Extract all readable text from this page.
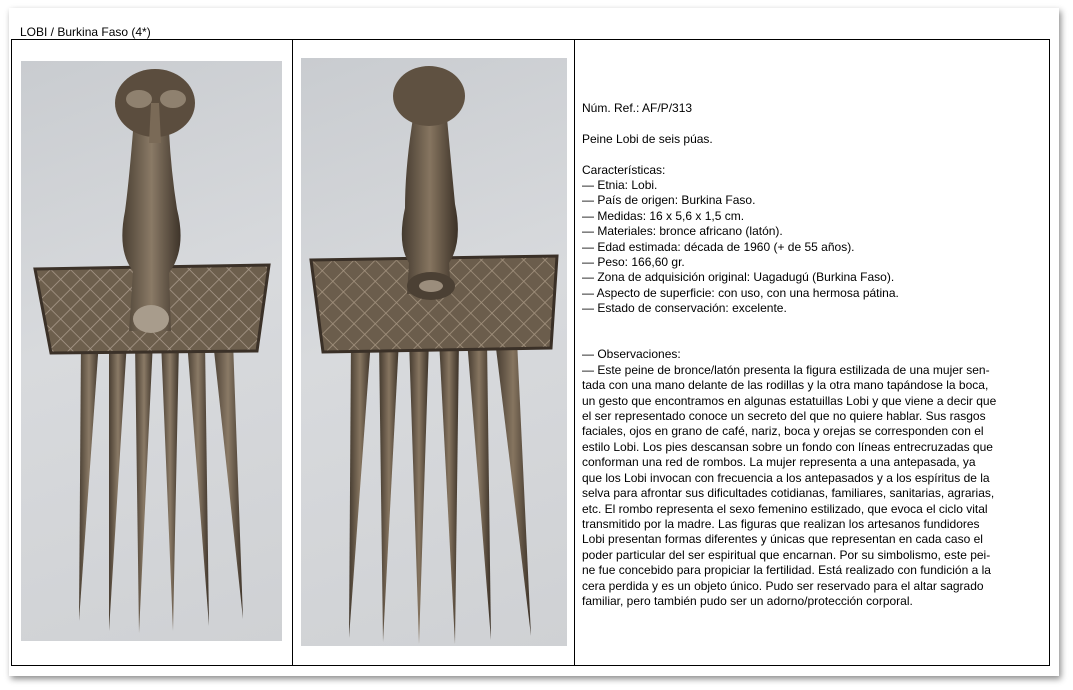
LOBI / Burkina Faso (4*)

Núm. Ref.: AF/P/313

Peine Lobi de seis púas.

Características:

— Etnia: Lobi.

— País de origen: Burkina Faso.

— Medidas: 16 x 5,6 x 1,5 cm.

— Materiales: bronce africano (latón).

— Edad estimada: década de 1960 (+ de 55 años).

— Peso: 166,60 gr.

— Zona de adquisición original: Uagadugú (Burkina Faso).

— Aspecto de superficie: con uso, con una hermosa pátina.

— Estado de conservación: excelente.

— Observaciones:

— Este peine de bronce/latón presenta la figura estilizada de una mujer sen-

tada con una mano delante de las rodillas y la otra mano tapándose la boca,

un gesto que encontramos en algunas estatuillas Lobi y que viene a decir que

el ser representado conoce un secreto del que no quiere hablar. Sus rasgos

faciales, ojos en grano de café, nariz, boca y orejas se corresponden con el

estilo Lobi. Los pies descansan sobre un fondo con líneas entrecruzadas que

conforman una red de rombos. La mujer representa a una antepasada, ya

que los Lobi invocan con frecuencia a los antepasados y a los espíritus de la

selva para afrontar sus dificultades cotidianas, familiares, sanitarias, agrarias,

etc. El rombo representa el sexo femenino estilizado, que evoca el ciclo vital

transmitido por la madre. Las figuras que realizan los artesanos fundidores

Lobi presentan formas diferentes y únicas que representan en cada caso el

poder particular del ser espiritual que encarnan. Por su simbolismo, este pei-

ne fue concebido para propiciar la fertilidad. Está realizado con fundición a la

cera perdida y es un objeto único. Pudo ser reservado para el altar sagrado

familiar, pero también pudo ser un adorno/protección corporal.
